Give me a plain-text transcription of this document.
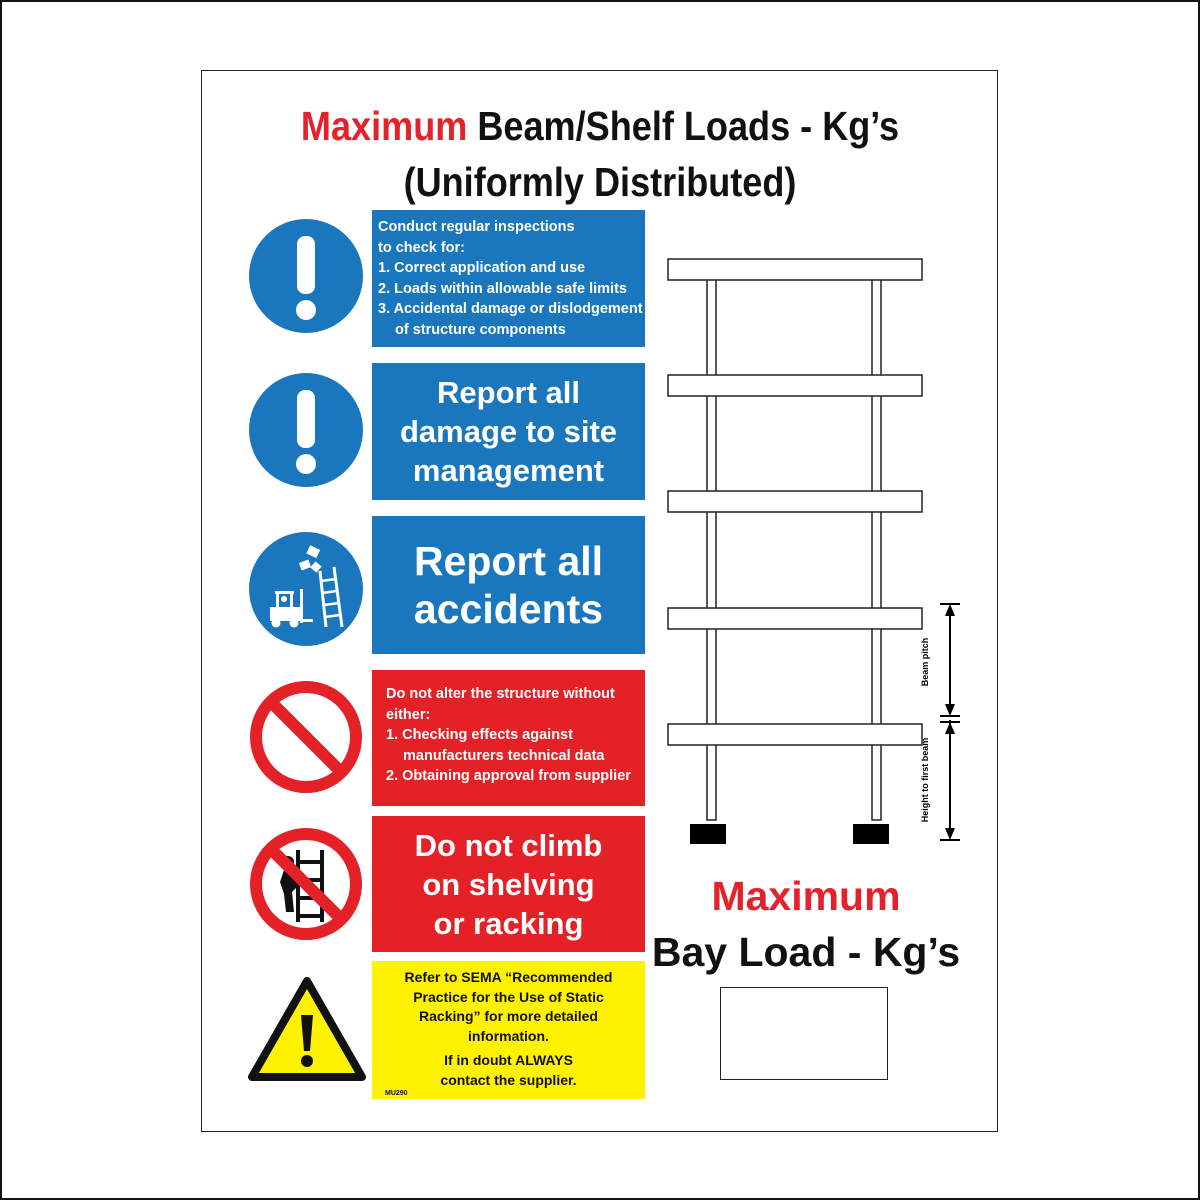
Maximum Beam/Shelf Loads - Kg’s
(Uniformly Distributed)
Conduct regular inspections
to check for:
1. Correct application and use
2. Loads within allowable safe limits
3. Accidental damage or dislodgement
of structure components
Report all
damage to site
management
Report all
accidents
Do not alter the structure without
either:
1. Checking effects against
manufacturers technical data
2. Obtaining approval from supplier
Do not climb
on shelving
or racking
Refer to SEMA “Recommended
Practice for the Use of Static
Racking” for more detailed
information.
If in doubt ALWAYS
contact the supplier.
MU290
Beam pitch
Height to first beam
Maximum
Bay Load - Kg’s
